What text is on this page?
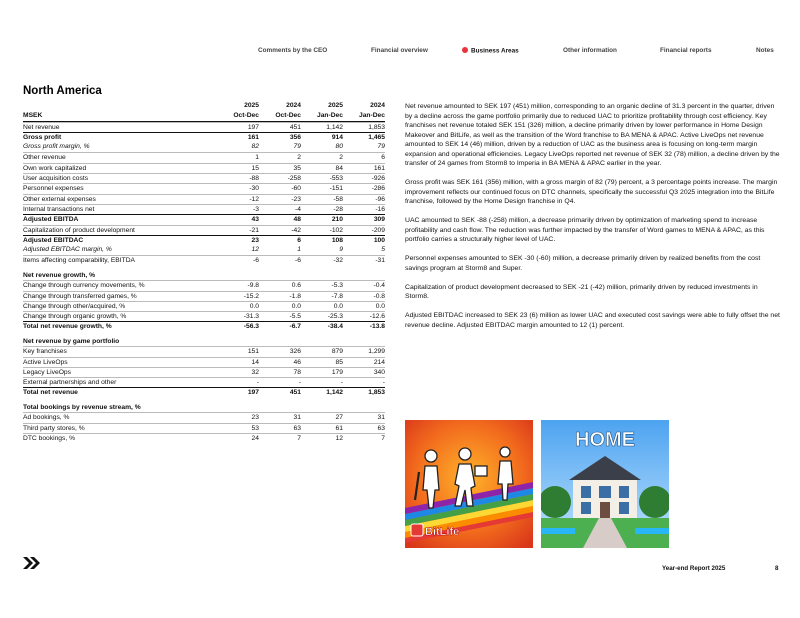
Comments by the CEO	Financial overview	Business Areas	Other information	Financial reports	Notes
North America
2025	2024	2025	2024
MSEK	Oct-Dec	Oct-Dec	Jan-Dec	Jan-Dec
Net revenue	197	451	1,142	1,853
Gross profit	161	356	914	1,465
Gross profit margin, %	82	79	80	79
Other revenue	1	2	2	6
Own work capitalized	15	35	84	161
User acquisition costs	-88	-258	-553	-926
Personnel expenses	-30	-60	-151	-286
Other external expenses	-12	-23	-58	-96
Internal transactions net	-3	-4	-28	-16
Adjusted EBITDA	43	48	210	309
Capitalization of product development	-21	-42	-102	-209
Adjusted EBITDAC	23	6	108	100
Adjusted EBITDAC margin, %	12	1	9	5
Items affecting comparability, EBITDA	-6	-6	-32	-31
Net revenue growth, %
Change through currency movements, %	-9.8	0.6	-5.3	-0.4
Change through transferred games, %	-15.2	-1.8	-7.8	-0.8
Change through other/acquired, %	0.0	0.0	0.0	0.0
Change through organic growth, %	-31.3	-5.5	-25.3	-12.6
Total net revenue growth, %	-56.3	-6.7	-38.4	-13.8
Net revenue by game portfolio
Key franchises	151	326	879	1,299
Active LiveOps	14	46	85	214
Legacy LiveOps	32	78	179	340
External partnerships and other	-	-	-	-
Total net revenue	197	451	1,142	1,853
Total bookings by revenue stream, %
Ad bookings, %	23	31	27	31
Third party stores, %	53	63	61	63
DTC bookings, %	24	7	12	7

Net revenue amounted to SEK 197 (451) million, corresponding to an organic decline of 31.3 percent in the quarter, driven by a decline across the game portfolio primarily due to reduced UAC to prioritize profitability through cost efficiency. Key franchises net revenue totaled SEK 151 (326) million, a decline primarily driven by lower performance in Home Design Makeover and BitLife, as well as the transition of the Word franchise to BA MENA & APAC. Active LiveOps net revenue amounted to SEK 14 (46) million, driven by a reduction of UAC as the business area is focusing on long-term margin expansion and operational efficiencies. Legacy LiveOps reported net revenue of SEK 32 (78) million, a decline driven by the transfer of 24 games from Storm8 to Imperia in BA MENA & APAC earlier in the year.

Gross profit was SEK 161 (356) million, with a gross margin of 82 (79) percent, a 3 percentage points increase. The margin improvement reflects our continued focus on DTC channels, specifically the successful Q3 2025 integration into the BitLife franchise, followed by the Home Design franchise in Q4.

UAC amounted to SEK -88 (-258) million, a decrease primarily driven by optimization of marketing spend to increase profitability and cash flow. The reduction was further impacted by the transfer of Word games to MENA & APAC, as this portfolio carries a structurally higher level of UAC.

Personnel expenses amounted to SEK -30 (-60) million, a decrease primarily driven by realized benefits from the cost savings program at Storm8 and Super.

Capitalization of product development decreased to SEK -21 (-42) million, primarily driven by reduced investments in Storm8.

Adjusted EBITDAC increased to SEK 23 (6) million as lower UAC and executed cost savings were able to fully offset the net revenue decline. Adjusted EBITDAC margin amounted to 12 (1) percent.

BitLife
HOME
Year-end Report 2025	8
